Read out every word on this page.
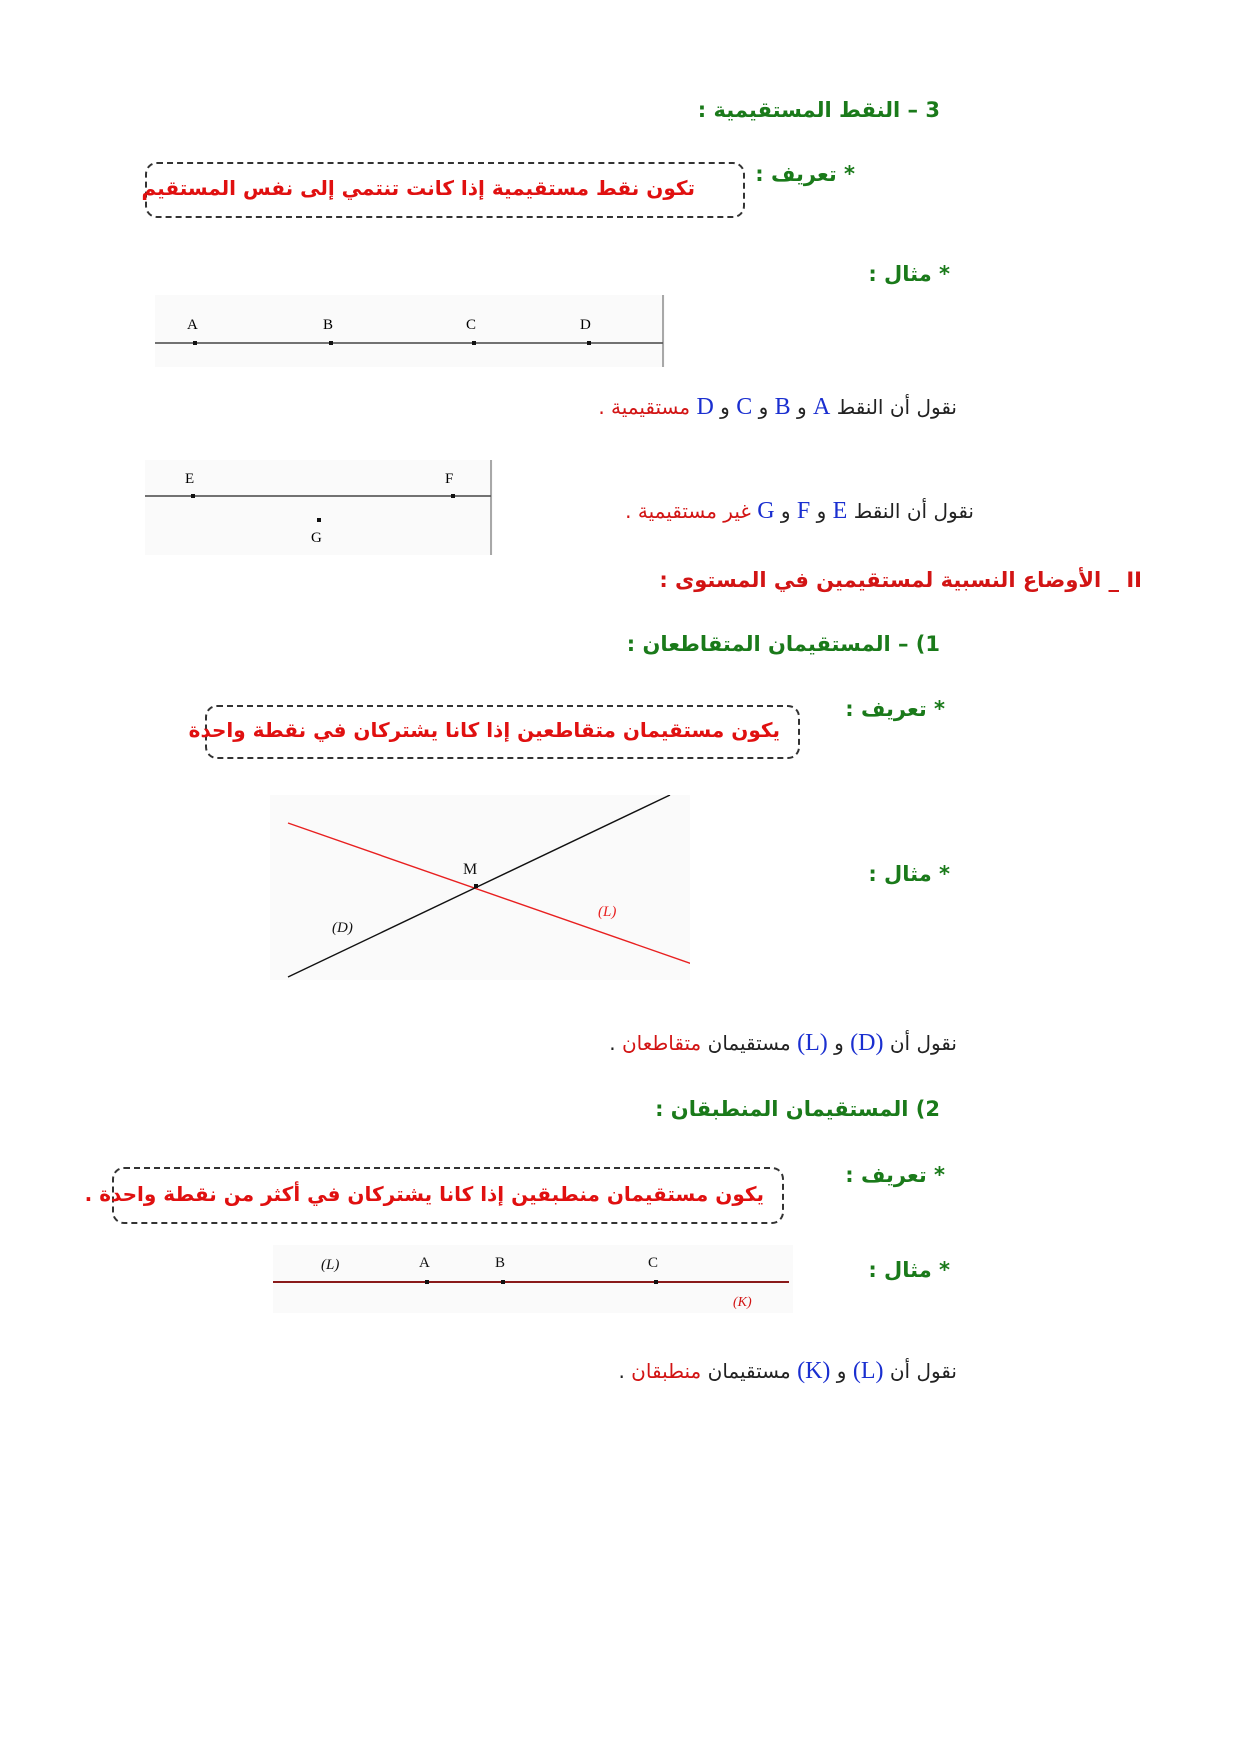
3 – النقط المستقيمية :
* تعريف :
تكون نقط مستقيمية إذا كانت تنتمي إلى نفس المستقيم
* مثال :
A	B	C	D
نقول أن النقط A و B و C و D مستقيمية .
E	F
G
نقول أن النقط E و F و G غير مستقيمية .
II _ الأوضاع النسبية لمستقيمين في المستوى :
1) – المستقيمان المتقاطعان :
* تعريف :
يكون مستقيمان متقاطعين إذا كانا يشتركان في نقطة واحدة
* مثال :
M
(D)
(L)
نقول أن (D) و (L) مستقيمان متقاطعان .
2) المستقيمان المنطبقان :
* تعريف :
يكون مستقيمان منطبقين إذا كانا يشتركان في أكثر من نقطة واحدة .
* مثال :
(L)	A	B	C
(K)
نقول أن (L) و (K) مستقيمان منطبقان .
